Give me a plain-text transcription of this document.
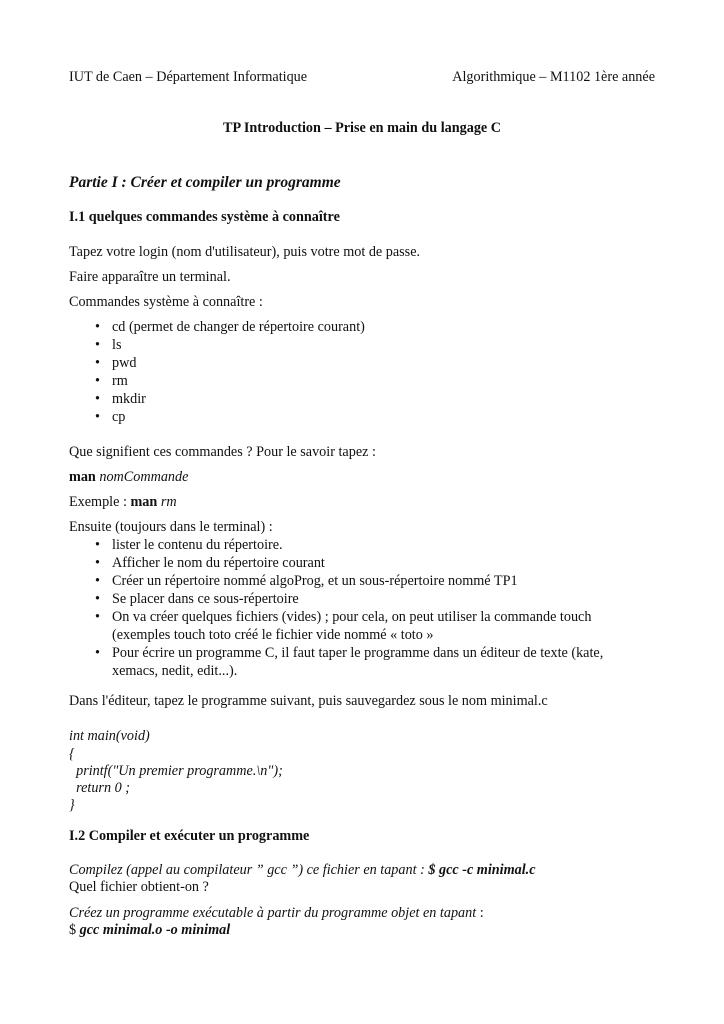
IUT de Caen – Département Informatique	Algorithmique – M1102 1ère année
TP Introduction – Prise en main du langage C
Partie I : Créer et compiler un programme
I.1 quelques commandes système à connaître
Tapez votre login (nom d'utilisateur), puis votre mot de passe.
Faire apparaître un terminal.
Commandes système à connaître :
• cd (permet de changer de répertoire courant)
• ls
• pwd
• rm
• mkdir
• cp
Que signifient ces commandes ? Pour le savoir tapez :
man nomCommande
Exemple : man rm
Ensuite (toujours dans le terminal) :
• lister le contenu du répertoire.
• Afficher le nom du répertoire courant
• Créer un répertoire nommé algoProg, et un sous-répertoire nommé TP1
• Se placer dans ce sous-répertoire
• On va créer quelques fichiers (vides) ; pour cela, on peut utiliser la commande touch
(exemples touch toto créé le fichier vide nommé « toto »
• Pour écrire un programme C, il faut taper le programme dans un éditeur de texte (kate,
xemacs, nedit, edit...).
Dans l'éditeur, tapez le programme suivant, puis sauvegardez sous le nom minimal.c
int main(void)
{
printf("Un premier programme.\n");
return 0 ;
}
I.2 Compiler et exécuter un programme
Compilez (appel au compilateur ” gcc ”) ce fichier en tapant : $ gcc -c minimal.c
Quel fichier obtient-on ?
Créez un programme exécutable à partir du programme objet en tapant :
$ gcc minimal.o -o minimal
